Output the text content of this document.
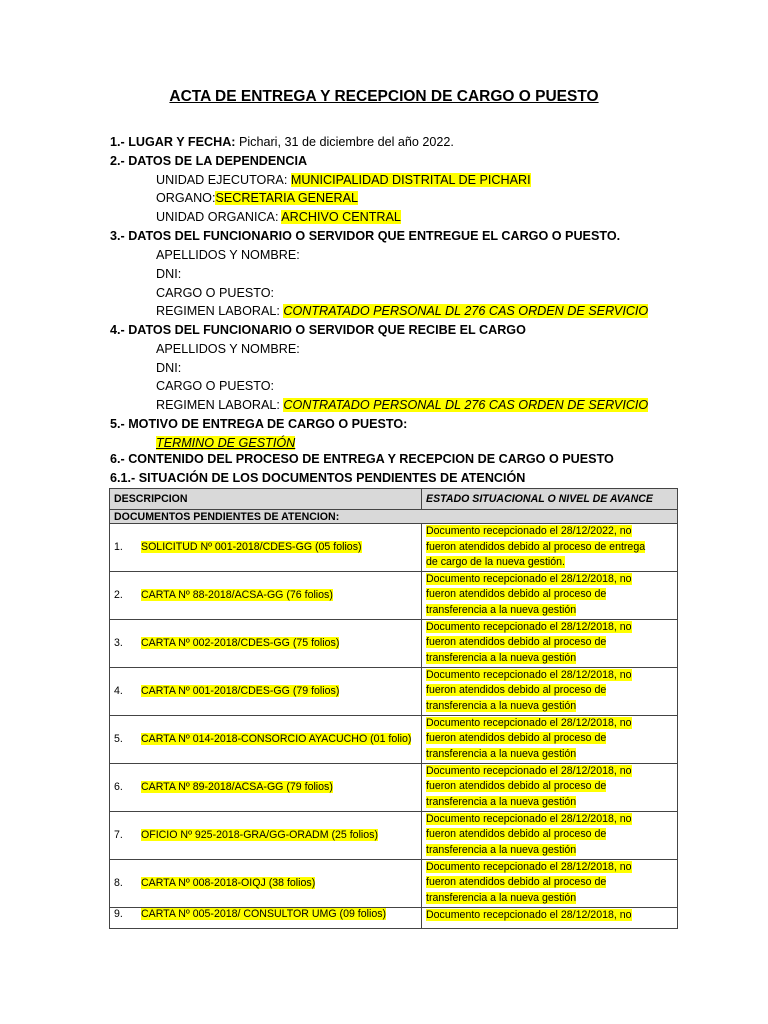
ACTA DE ENTREGA Y RECEPCION DE CARGO O PUESTO
1.- LUGAR Y FECHA: Pichari, 31 de diciembre del año 2022.
2.- DATOS DE LA DEPENDENCIA
UNIDAD EJECUTORA: MUNICIPALIDAD DISTRITAL DE PICHARI
ORGANO:SECRETARIA GENERAL
UNIDAD ORGANICA: ARCHIVO CENTRAL
3.- DATOS DEL FUNCIONARIO O SERVIDOR QUE ENTREGUE EL CARGO O PUESTO.
APELLIDOS Y NOMBRE:
DNI:
CARGO O PUESTO:
REGIMEN LABORAL: CONTRATADO PERSONAL DL 276 CAS ORDEN DE SERVICIO
4.- DATOS DEL FUNCIONARIO O SERVIDOR QUE RECIBE EL CARGO
APELLIDOS Y NOMBRE:
DNI:
CARGO O PUESTO:
REGIMEN LABORAL: CONTRATADO PERSONAL DL 276 CAS ORDEN DE SERVICIO
5.- MOTIVO DE ENTREGA DE CARGO O PUESTO:
TERMINO DE GESTIÓN
6.- CONTENIDO DEL PROCESO DE ENTREGA Y RECEPCION DE CARGO O PUESTO
6.1.- SITUACIÓN DE LOS DOCUMENTOS PENDIENTES DE ATENCIÓN
DESCRIPCION	ESTADO SITUACIONAL O NIVEL DE AVANCE
DOCUMENTOS PENDIENTES DE ATENCION:	
1. SOLICITUD Nº 001-2018/CDES-GG (05 folios)	Documento recepcionado el 28/12/2022, no
fueron atendidos debido al proceso de entrega
de cargo de la nueva gestión.

2. CARTA Nº 88-2018/ACSA-GG (76 folios)	Documento recepcionado el 28/12/2018, no
fueron atendidos debido al proceso de
transferencia a la nueva gestión

3. CARTA Nº 002-2018/CDES-GG (75 folios)	Documento recepcionado el 28/12/2018, no
fueron atendidos debido al proceso de
transferencia a la nueva gestión

4. CARTA Nº 001-2018/CDES-GG (79 folios)	Documento recepcionado el 28/12/2018, no
fueron atendidos debido al proceso de
transferencia a la nueva gestión

5. CARTA Nº 014-2018-CONSORCIO AYACUCHO (01 folio)	Documento recepcionado el 28/12/2018, no
fueron atendidos debido al proceso de
transferencia a la nueva gestión

6. CARTA Nº 89-2018/ACSA-GG (79 folios)	Documento recepcionado el 28/12/2018, no
fueron atendidos debido al proceso de
transferencia a la nueva gestión

7. OFICIO Nº 925-2018-GRA/GG-ORADM (25 folios)	Documento recepcionado el 28/12/2018, no
fueron atendidos debido al proceso de
transferencia a la nueva gestión

8. CARTA Nº 008-2018-OIQJ (38 folios)	Documento recepcionado el 28/12/2018, no
fueron atendidos debido al proceso de
transferencia a la nueva gestión

9. CARTA Nº 005-2018/ CONSULTOR UMG (09 folios)	Documento recepcionado el 28/12/2018, no
